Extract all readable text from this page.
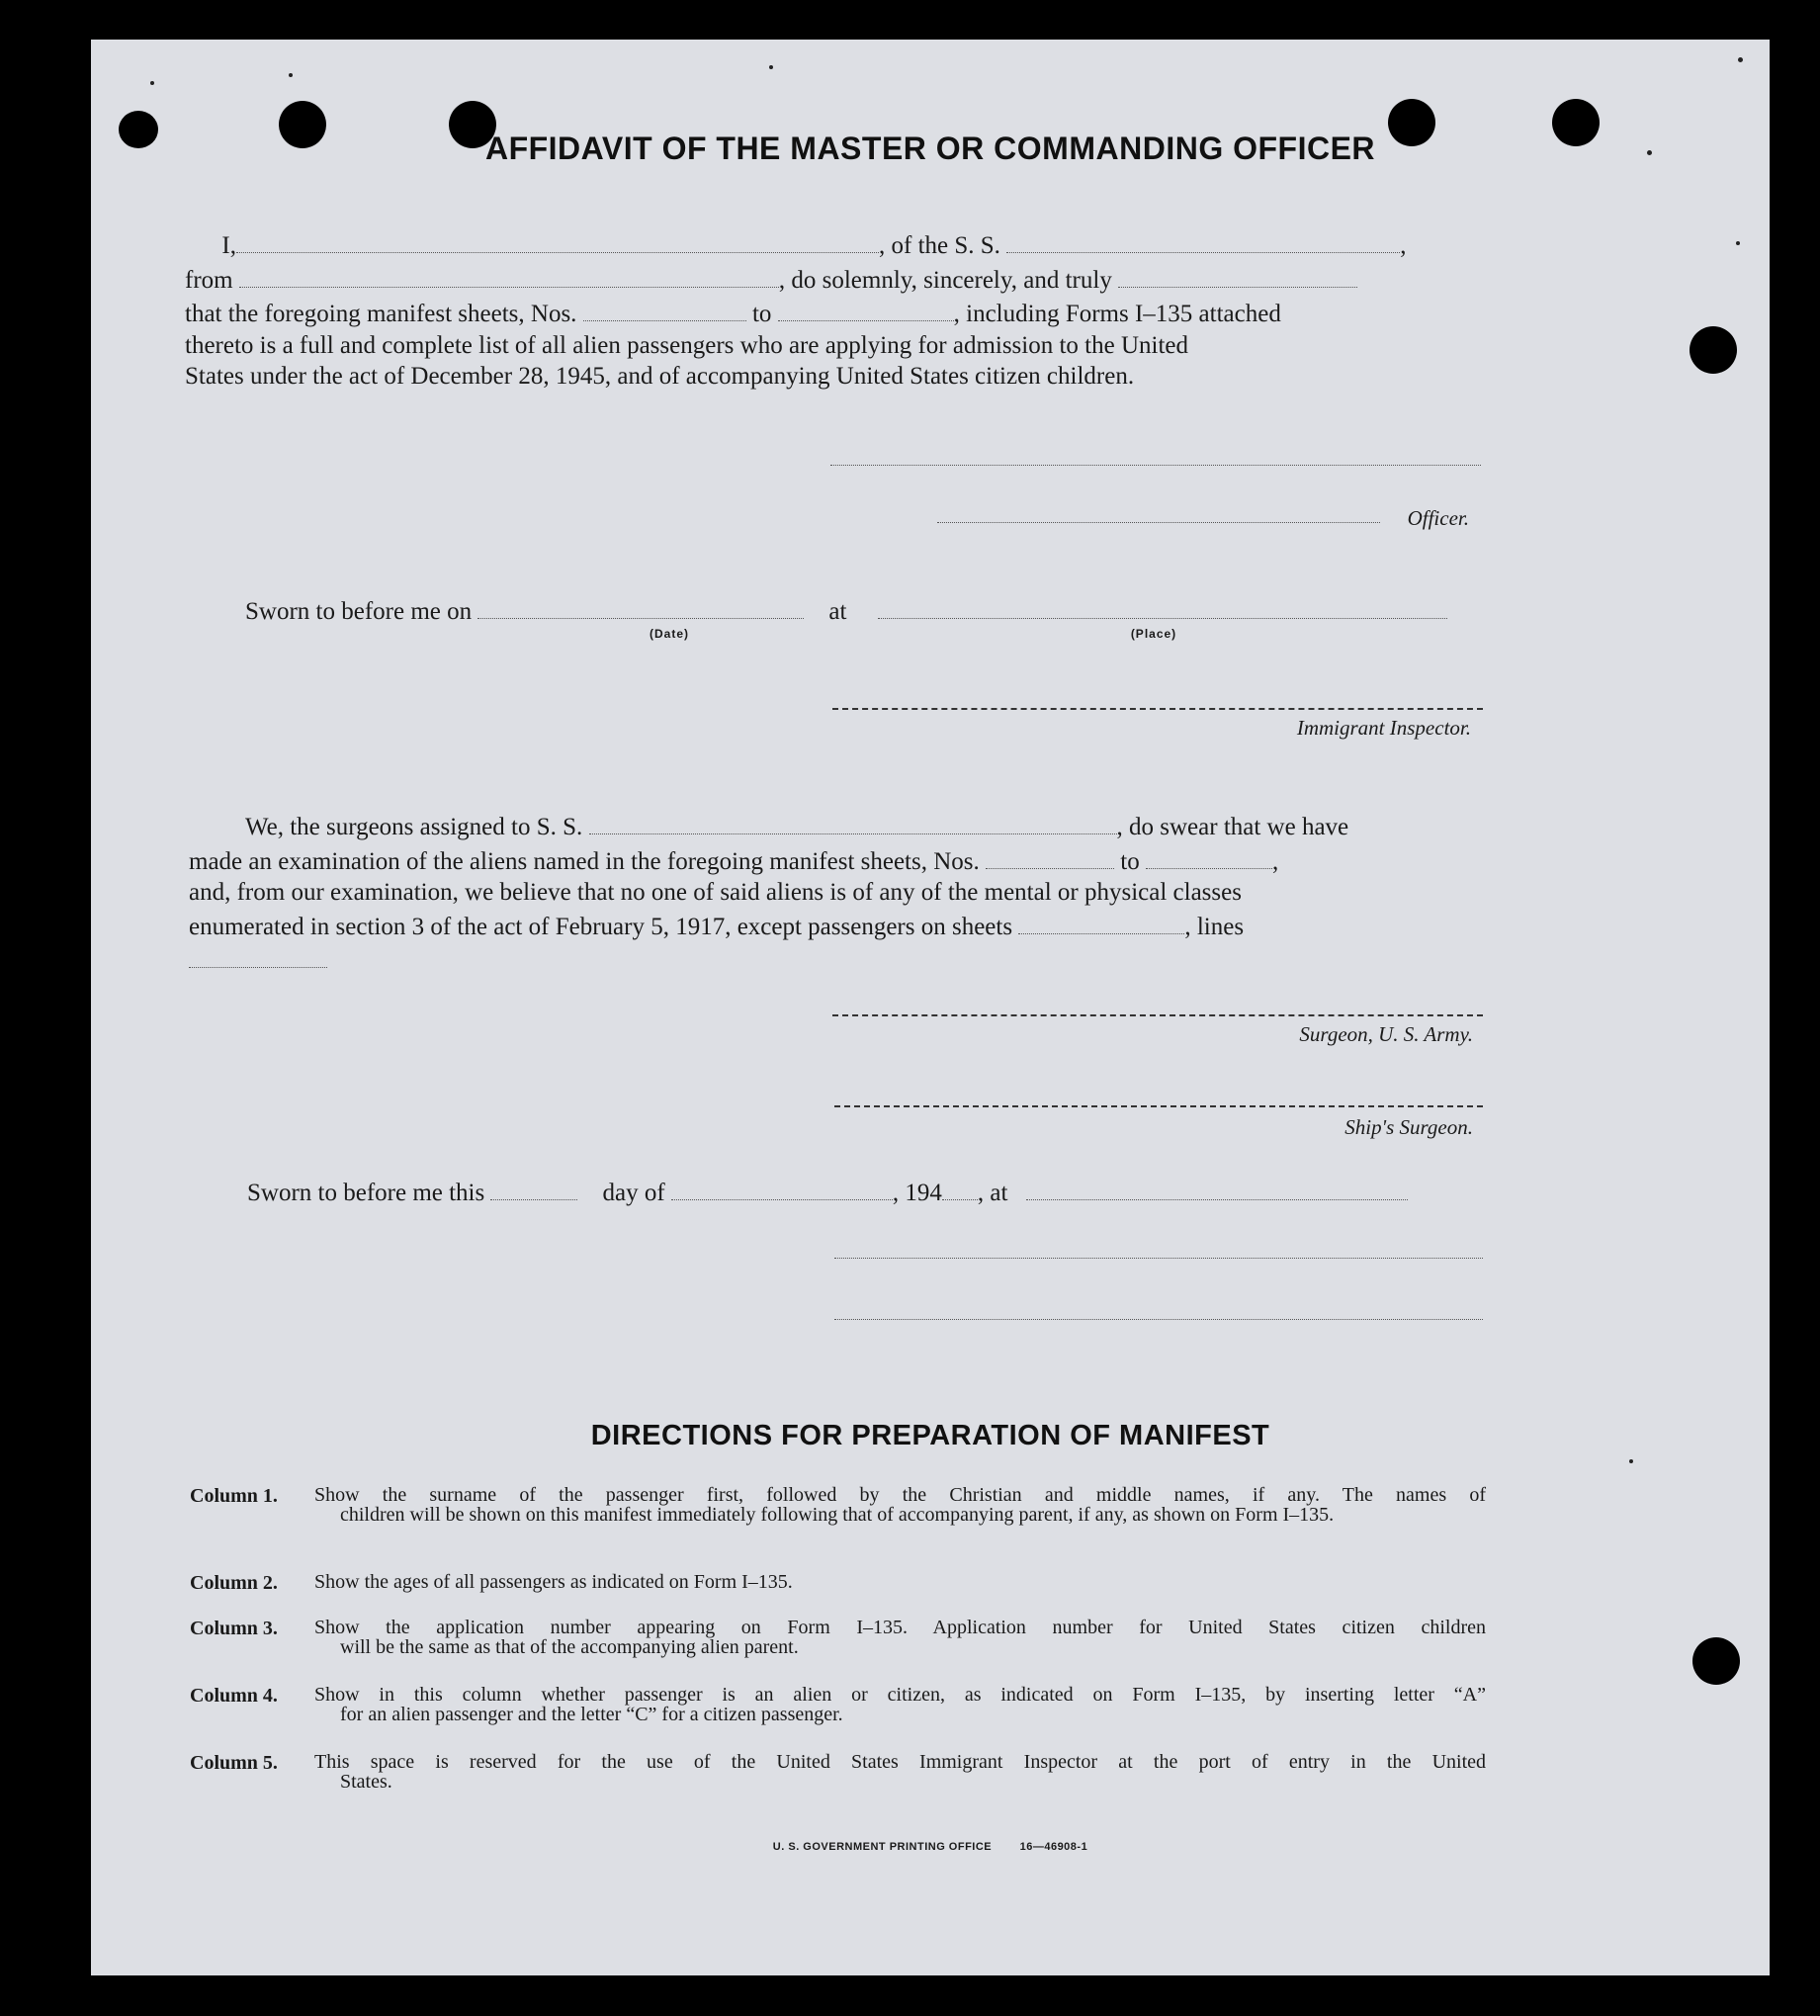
AFFIDAVIT OF THE MASTER OR COMMANDING OFFICER
I,	, of the S. S.	,
from	, do solemnly, sincerely, and truly
that the foregoing manifest sheets, Nos.	to	, including Forms I–135 attached
thereto is a full and complete list of all alien passengers who are applying for admission to the United
States under the act of December 28, 1945, and of accompanying United States citizen children.
Officer.
Sworn to before me on	at
(Date)	(Place)
Immigrant Inspector.
We, the surgeons assigned to S. S.	, do swear that we have
made an examination of the aliens named in the foregoing manifest sheets, Nos.	to	,
and, from our examination, we believe that no one of said aliens is of any of the mental or physical classes
enumerated in section 3 of the act of February 5, 1917, except passengers on sheets	, lines
Surgeon, U. S. Army.
Ship's Surgeon.
Sworn to before me this	day of	, 194 , at
DIRECTIONS FOR PREPARATION OF MANIFEST
Column 1.	Show the surname of the passenger first, followed by the Christian and middle names, if any. The names of
children will be shown on this manifest immediately following that of accompanying parent, if any, as shown on Form I–135.
Column 2.	Show the ages of all passengers as indicated on Form I–135.
Column 3.	Show the application number appearing on Form I–135. Application number for United States citizen children
will be the same as that of the accompanying alien parent.
Column 4.	Show in this column whether passenger is an alien or citizen, as indicated on Form I–135, by inserting letter “A”
for an alien passenger and the letter “C” for a citizen passenger.
Column 5.	This space is reserved for the use of the United States Immigrant Inspector at the port of entry in the United
States.
U. S. GOVERNMENT PRINTING OFFICE	16—46908-1
